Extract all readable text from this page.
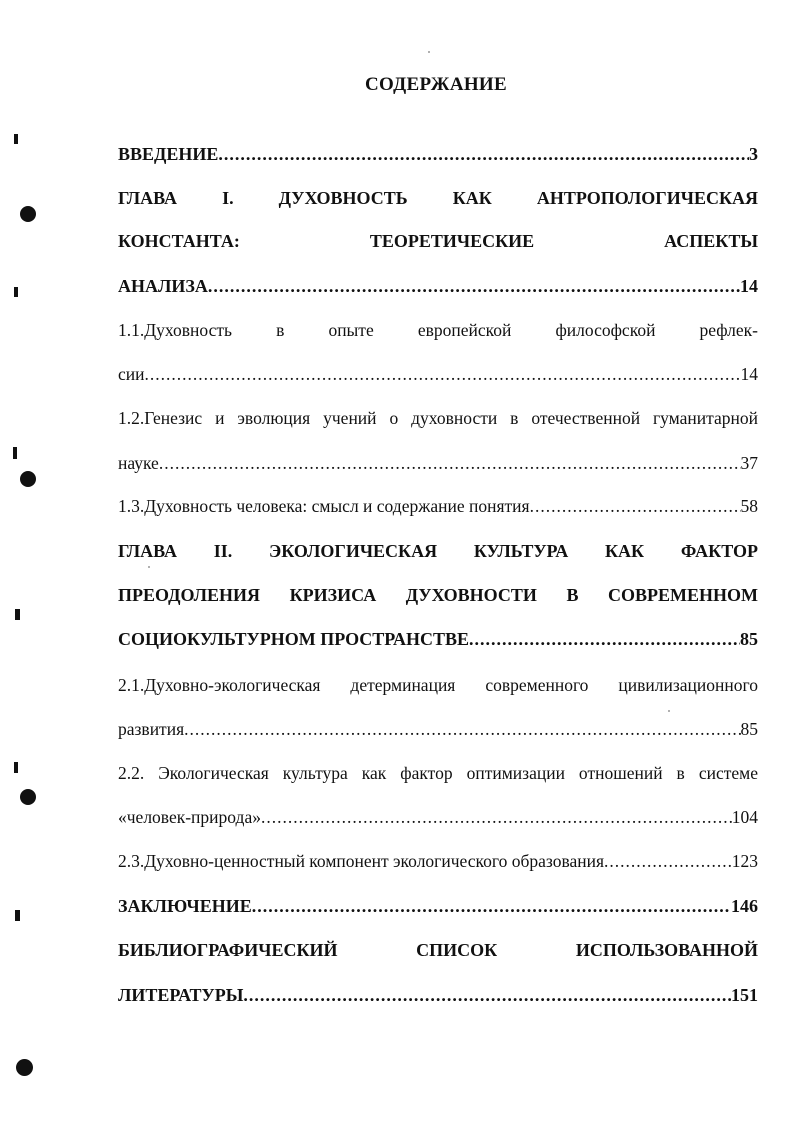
СОДЕРЖАНИЕ
ВВЕДЕНИЕ .....	3
ГЛАВА	I.	ДУХОВНОСТЬ	КАК	АНТРОПОЛОГИЧЕСКАЯ
КОНСТАНТА:	ТЕОРЕТИЧЕСКИЕ	АСПЕКТЫ
АНАЛИЗА .....	14
1.1.Духовность	в	опыте	европейской	философской	рефлек-
сии .....	14
1.2.Генезис и эволюция учений о духовности в отечественной гуманитарной
науке .....	37
1.3.Духовность человека: смысл и содержание понятия .....	58
ГЛАВА II. ЭКОЛОГИЧЕСКАЯ КУЛЬТУРА КАК ФАКТОР
ПРЕОДОЛЕНИЯ КРИЗИСА ДУХОВНОСТИ В СОВРЕМЕННОМ
СОЦИОКУЛЬТУРНОМ ПРОСТРАНСТВЕ .....	85
2.1.Духовно-экологическая детерминация современного цивилизационного
развития .....	85
2.2. Экологическая культура как фактор оптимизации отношений в системе
«человек-природа» .....	104
2.3.Духовно-ценностный компонент экологического образования .....	123
ЗАКЛЮЧЕНИЕ .....	146
БИБЛИОГРАФИЧЕСКИЙ	СПИСОК	ИСПОЛЬЗОВАННОЙ
ЛИТЕРАТУРЫ .....	151
